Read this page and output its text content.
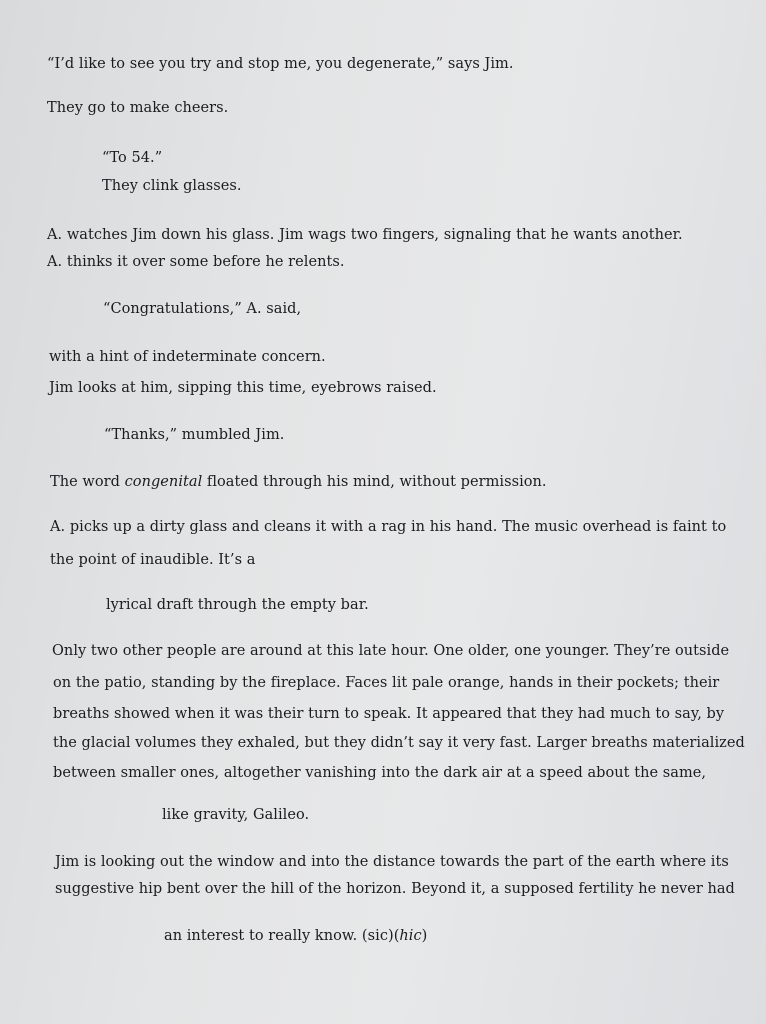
“I’d like to see you try and stop me, you degenerate,” says Jim.
They go to make cheers.
“To 54.”
They clink glasses.
A. watches Jim down his glass. Jim wags two fingers, signaling that he wants another.
A. thinks it over some before he relents.
“Congratulations,” A. said,
with a hint of indeterminate concern.
Jim looks at him, sipping this time, eyebrows raised.
“Thanks,” mumbled Jim.
The word congenital floated through his mind, without permission.
A. picks up a dirty glass and cleans it with a rag in his hand. The music overhead is faint to
the point of inaudible. It’s a
lyrical draft through the empty bar.
Only two other people are around at this late hour. One older, one younger. They’re outside
on the patio, standing by the fireplace. Faces lit pale orange, hands in their pockets; their
breaths showed when it was their turn to speak. It appeared that they had much to say, by
the glacial volumes they exhaled, but they didn’t say it very fast. Larger breaths materialized
between smaller ones, altogether vanishing into the dark air at a speed about the same,
like gravity, Galileo.
Jim is looking out the window and into the distance towards the part of the earth where its
suggestive hip bent over the hill of the horizon. Beyond it, a supposed fertility he never had
an interest to really know. (sic)(hic)
